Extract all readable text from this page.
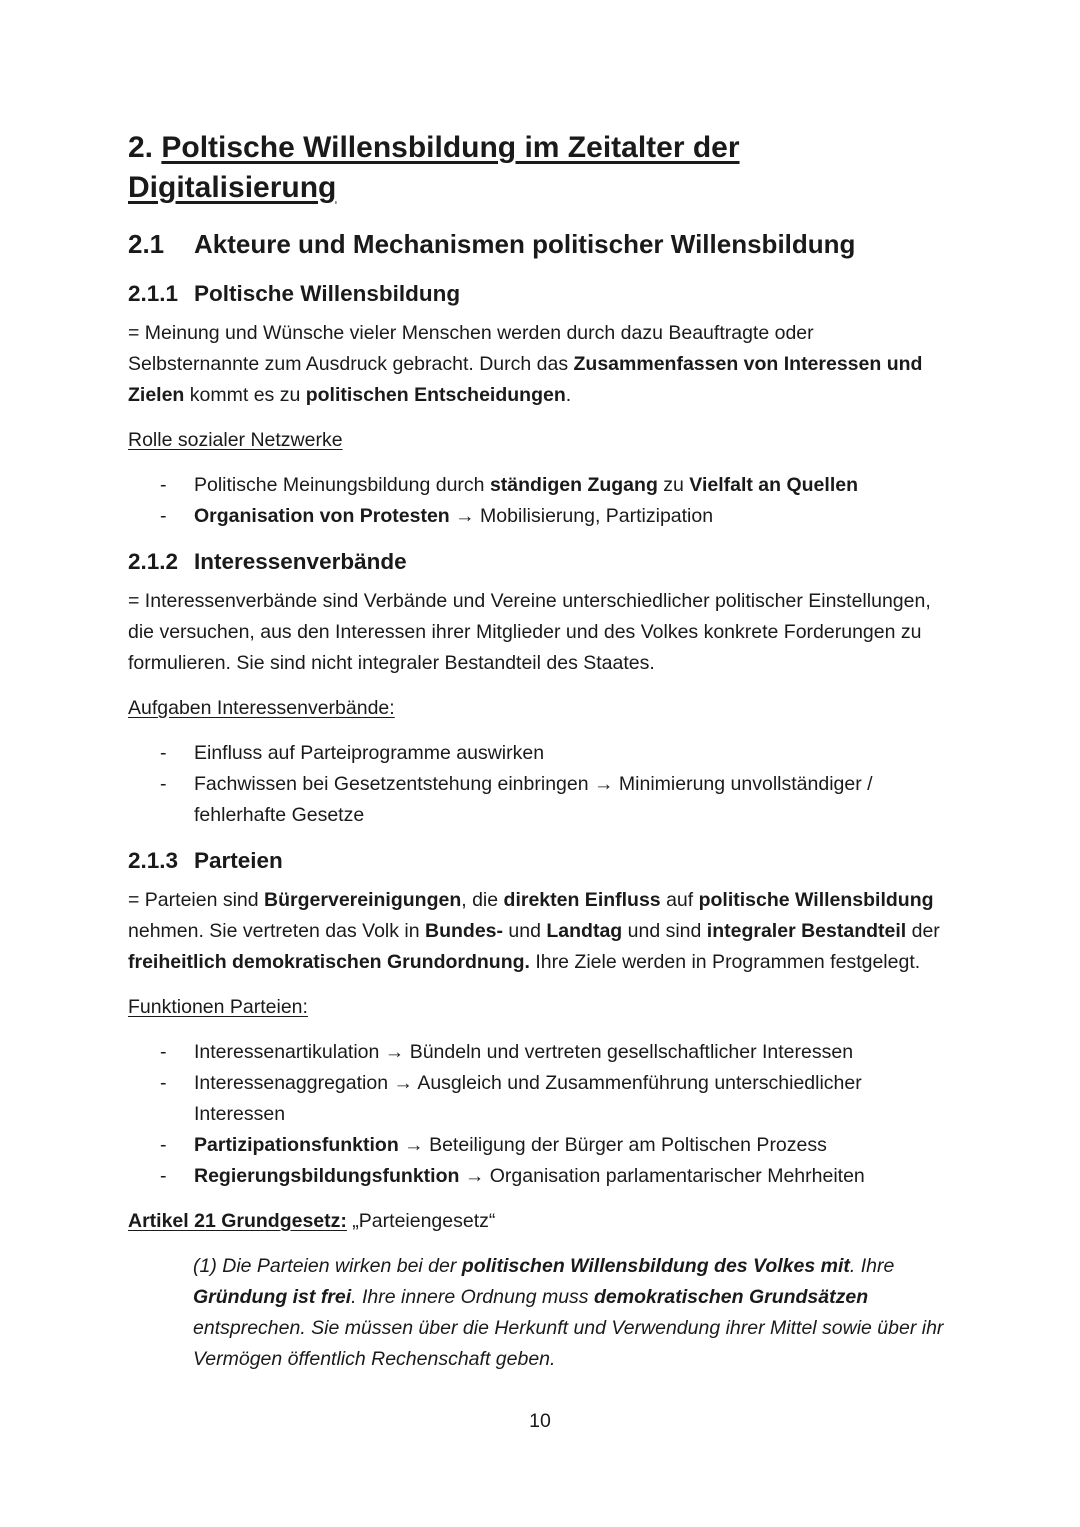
2. Poltische Willensbildung im Zeitalter der Digitalisierung
2.1	Akteure und Mechanismen politischer Willensbildung
2.1.1 Poltische Willensbildung

= Meinung und Wünsche vieler Menschen werden durch dazu Beauftragte oder Selbsternannte zum Ausdruck gebracht. Durch das Zusammenfassen von Interessen und Zielen kommt es zu politischen Entscheidungen.

Rolle sozialer Netzwerke

- Politische Meinungsbildung durch ständigen Zugang zu Vielfalt an Quellen
- Organisation von Protesten → Mobilisierung, Partizipation
2.1.2 Interessenverbände

= Interessenverbände sind Verbände und Vereine unterschiedlicher politischer Einstellungen, die versuchen, aus den Interessen ihrer Mitglieder und des Volkes konkrete Forderungen zu formulieren. Sie sind nicht integraler Bestandteil des Staates.

Aufgaben Interessenverbände:

- Einfluss auf Parteiprogramme auswirken
- Fachwissen bei Gesetzentstehung einbringen → Minimierung unvollständiger / fehlerhafte Gesetze
2.1.3 Parteien

= Parteien sind Bürgervereinigungen, die direkten Einfluss auf politische Willensbildung nehmen. Sie vertreten das Volk in Bundes- und Landtag und sind integraler Bestandteil der freiheitlich demokratischen Grundordnung. Ihre Ziele werden in Programmen festgelegt.

Funktionen Parteien:

- Interessenartikulation → Bündeln und vertreten gesellschaftlicher Interessen
- Interessenaggregation → Ausgleich und Zusammenführung unterschiedlicher Interessen
- Partizipationsfunktion → Beteiligung der Bürger am Poltischen Prozess
- Regierungsbildungsfunktion → Organisation parlamentarischer Mehrheiten

Artikel 21 Grundgesetz: „Parteiengesetz“

(1) Die Parteien wirken bei der politischen Willensbildung des Volkes mit. Ihre Gründung ist frei. Ihre innere Ordnung muss demokratischen Grundsätzen entsprechen. Sie müssen über die Herkunft und Verwendung ihrer Mittel sowie über ihr Vermögen öffentlich Rechenschaft geben.
10
